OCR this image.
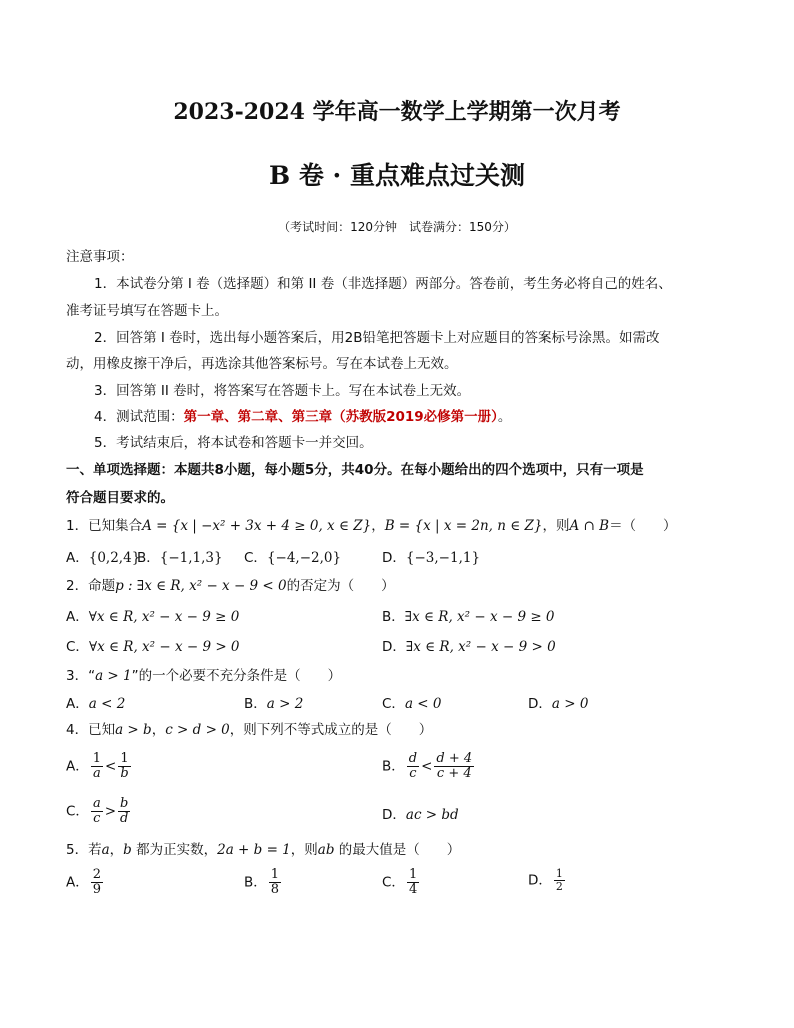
2023-2024 学年高一数学上学期第一次月考
B 卷 · 重点难点过关测
（考试时间：120分钟　试卷满分：150分）
注意事项：
1．本试卷分第 I 卷（选择题）和第 II 卷（非选择题）两部分。答卷前，考生务必将自己的姓名、
准考证号填写在答题卡上。
2．回答第 I 卷时，选出每小题答案后，用2B铅笔把答题卡上对应题目的答案标号涂黑。如需改
动，用橡皮擦干净后，再选涂其他答案标号。写在本试卷上无效。
3．回答第 II 卷时，将答案写在答题卡上。写在本试卷上无效。
4．测试范围：第一章、第二章、第三章（苏教版2019必修第一册）。
5．考试结束后，将本试卷和答题卡一并交回。
一、单项选择题：本题共8小题，每小题5分，共40分。在每小题给出的四个选项中，只有一项是
符合题目要求的。
1．已知集合A = {x | −x² + 3x + 4 ≥ 0, x ∈ Z}，B = {x | x = 2n, n ∈ Z}，则A ∩ B＝（　　）
A．{0,2,4}
B．{−1,1,3} C．{−4,−2,0}	D．{−3,−1,1}
2．命题p : ∃x ∈ R, x² − x − 9 < 0的否定为（　　）
A．∀x ∈ R, x² − x − 9 ≥ 0	B．∃x ∈ R, x² − x − 9 ≥ 0
C．∀x ∈ R, x² − x − 9 > 0	D．∃x ∈ R, x² − x − 9 > 0
3．“a > 1”的一个必要不充分条件是（　　）
A．a < 2	B．a > 2	C．a < 0	D．a > 0
4．已知a > b，c > d > 0，则下列不等式成立的是（　　）
A． $\frac{1}{a} < \frac{1}{b}$	B． $\frac{d}{c} < \frac{d + 4}{c + 4}$
C． $\frac{a}{c} > \frac{b}{d}$	D．ac > bd
5．若a，b 都为正实数，2a + b = 1，则ab 的最大值是（　　）
A． $\frac{2}{9}$	B． $\frac{1}{8}$	C． $\frac{1}{4}$	D． $\frac{1}{2}$
